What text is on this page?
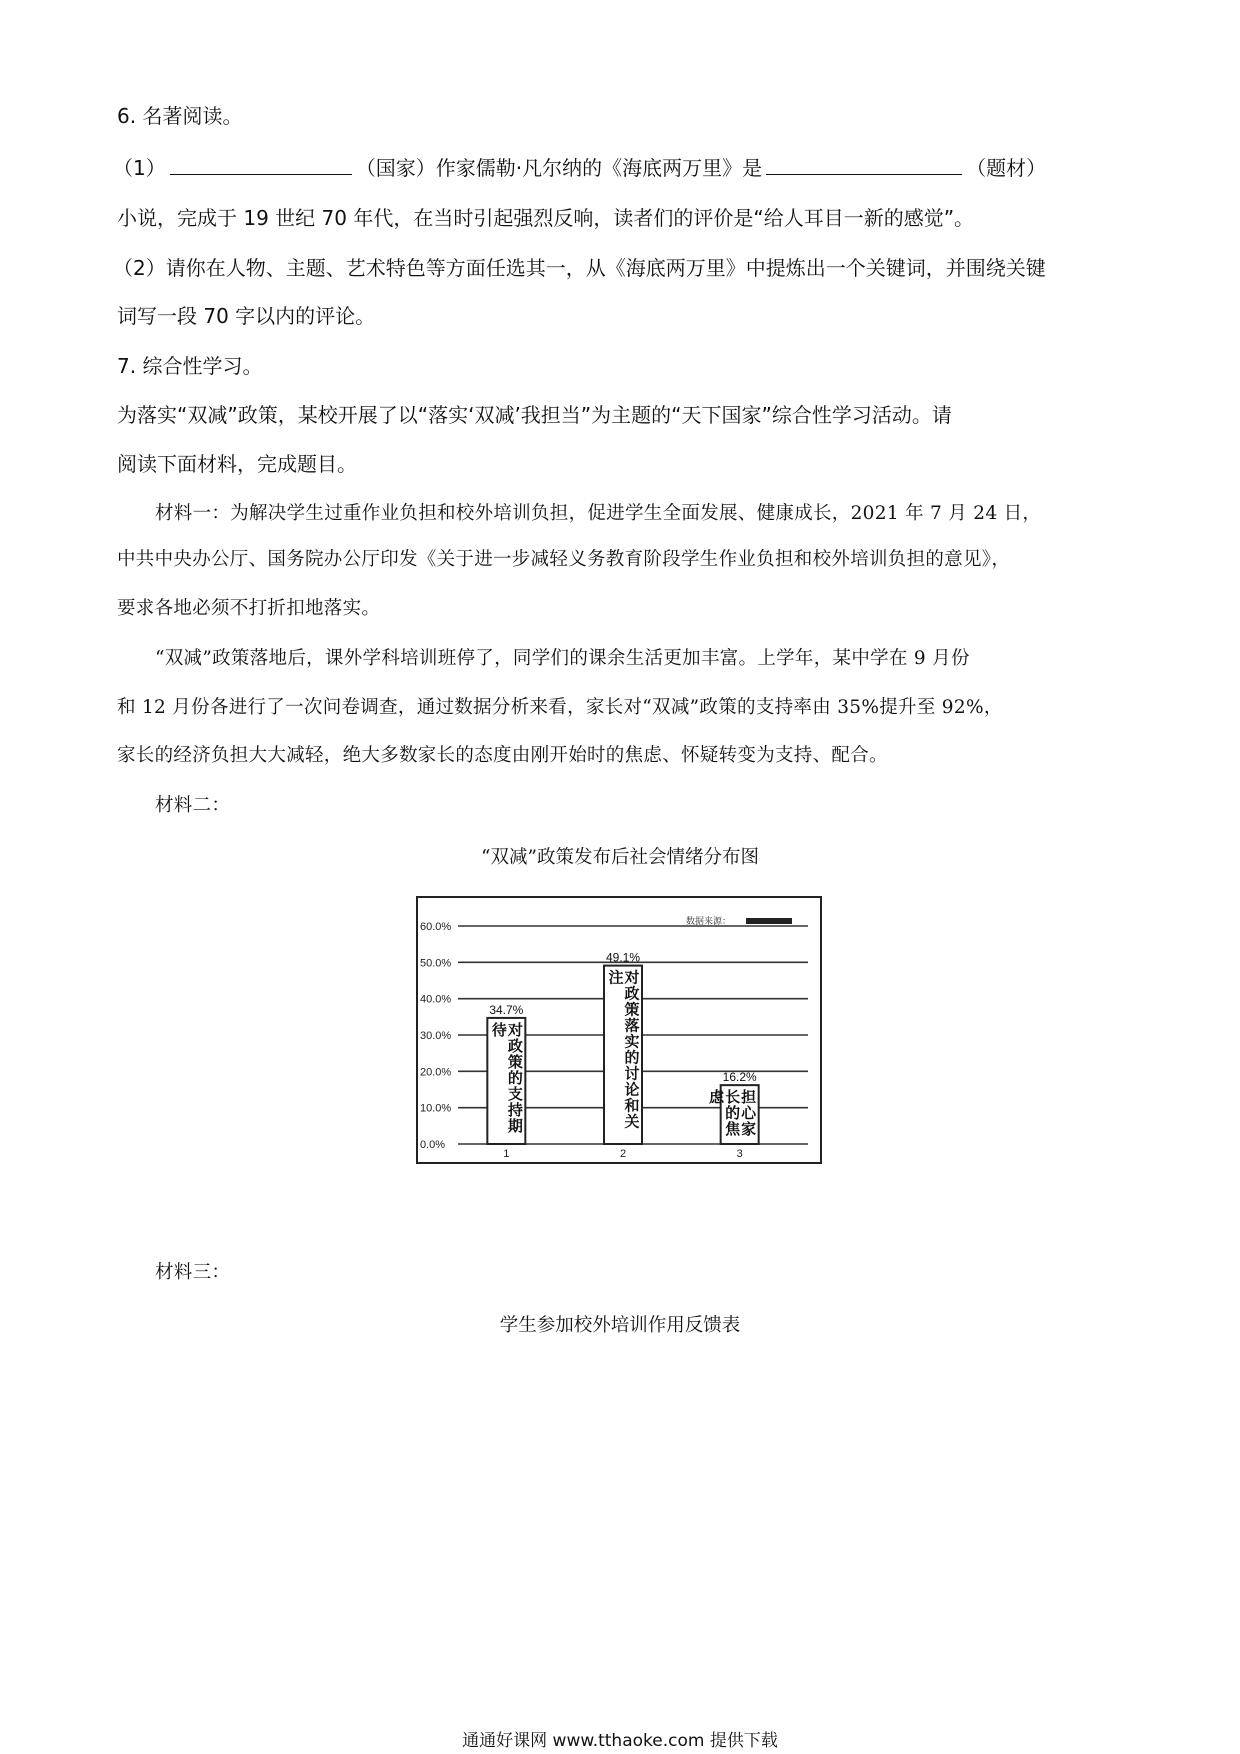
6. 名著阅读。
（1）	（国家）作家儒勒·凡尔纳的《海底两万里》是	（题材）
小说，完成于 19 世纪 70 年代，在当时引起强烈反响，读者们的评价是“给人耳目一新的感觉”。
（2）请你在人物、主题、艺术特色等方面任选其一，从《海底两万里》中提炼出一个关键词，并围绕关键
词写一段 70 字以内的评论。
7. 综合性学习。
为落实“双减”政策，某校开展了以“落实‘双减’我担当”为主题的“天下国家”综合性学习活动。请
阅读下面材料，完成题目。
材料一：为解决学生过重作业负担和校外培训负担，促进学生全面发展、健康成长，2021 年 7 月 24 日，
中共中央办公厅、国务院办公厅印发《关于进一步减轻义务教育阶段学生作业负担和校外培训负担的意见》，
要求各地必须不打折扣地落实。
“双减”政策落地后，课外学科培训班停了，同学们的课余生活更加丰富。上学年，某中学在 9 月份
和 12 月份各进行了一次问卷调查，通过数据分析来看，家长对“双减”政策的支持率由 35%提升至 92%，
家长的经济负担大大减轻，绝大多数家长的态度由刚开始时的焦虑、怀疑转变为支持、配合。
材料二：
“双减”政策发布后社会情绪分布图
0.0%
10.0%
20.0%
30.0%
40.0%
50.0%
60.0%	数据来源：
34.7%
1
对
政
策
的
支
持
期
待
49.1%
2
对
政
策
落
实
的
讨
论
和
关
注
16.2%
3
担
心
家
长
的
焦
虑
材料三：
学生参加校外培训作用反馈表
通通好课网 www.tthaoke.com 提供下载
